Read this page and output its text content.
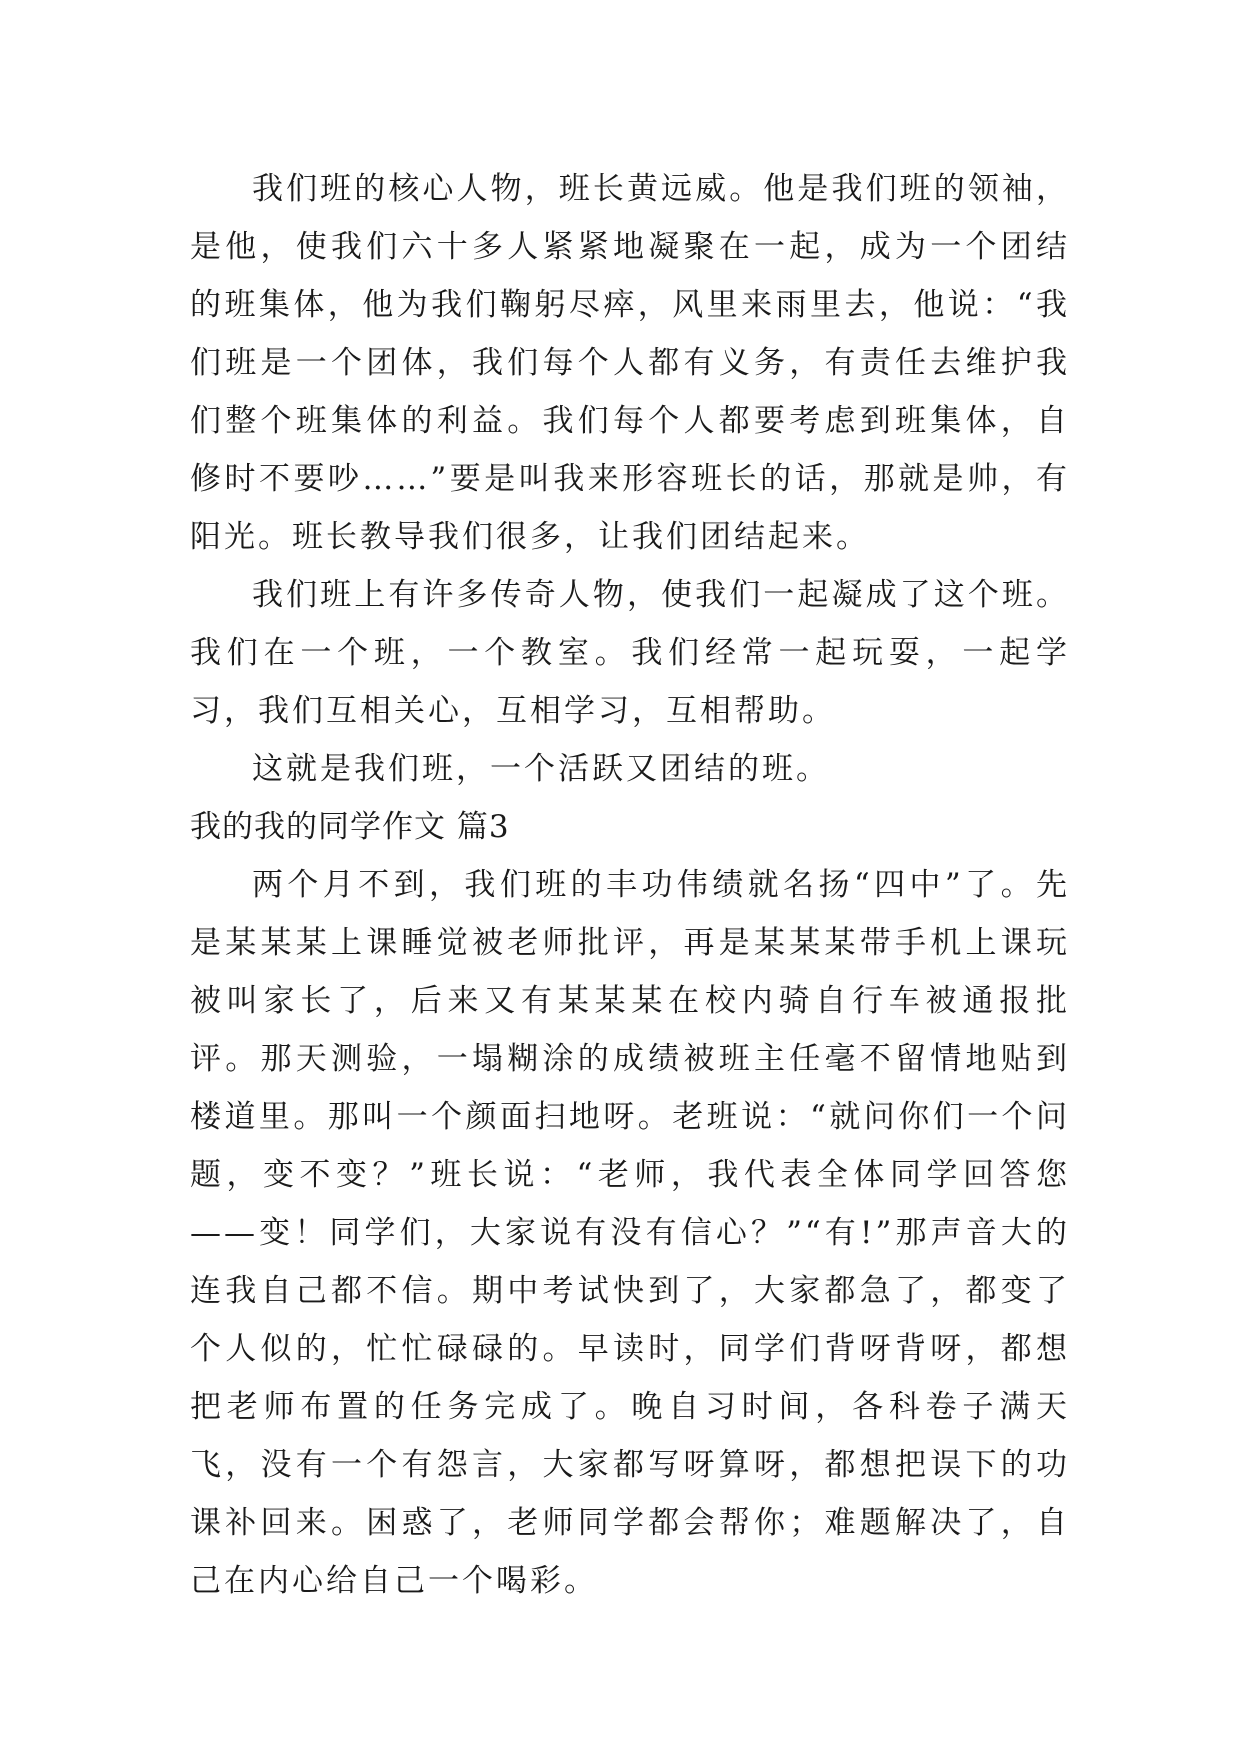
我们班的核心人物，班长黄远威。他是我们班的领袖，是他，使我们六十多人紧紧地凝聚在一起，成为一个团结的班集体，他为我们鞠躬尽瘁，风里来雨里去，他说：“我们班是一个团体，我们每个人都有义务，有责任去维护我们整个班集体的利益。我们每个人都要考虑到班集体，自修时不要吵……”要是叫我来形容班长的话，那就是帅，有阳光。班长教导我们很多，让我们团结起来。

我们班上有许多传奇人物，使我们一起凝成了这个班。我们在一个班，一个教室。我们经常一起玩耍，一起学习，我们互相关心，互相学习，互相帮助。

这就是我们班，一个活跃又团结的班。

我的我的同学作文 篇3

两个月不到，我们班的丰功伟绩就名扬“四中”了。先是某某某上课睡觉被老师批评，再是某某某带手机上课玩被叫家长了，后来又有某某某在校内骑自行车被通报批评。那天测验，一塌糊涂的成绩被班主任毫不留情地贴到楼道里。那叫一个颜面扫地呀。老班说：“就问你们一个问题，变不变？”班长说：“老师，我代表全体同学回答您——变！同学们，大家说有没有信心？”“有!”那声音大的连我自己都不信。期中考试快到了，大家都急了，都变了个人似的，忙忙碌碌的。早读时，同学们背呀背呀，都想把老师布置的任务完成了。晚自习时间，各科卷子满天飞，没有一个有怨言，大家都写呀算呀，都想把误下的功课补回来。困惑了，老师同学都会帮你；难题解决了，自己在内心给自己一个喝彩。
